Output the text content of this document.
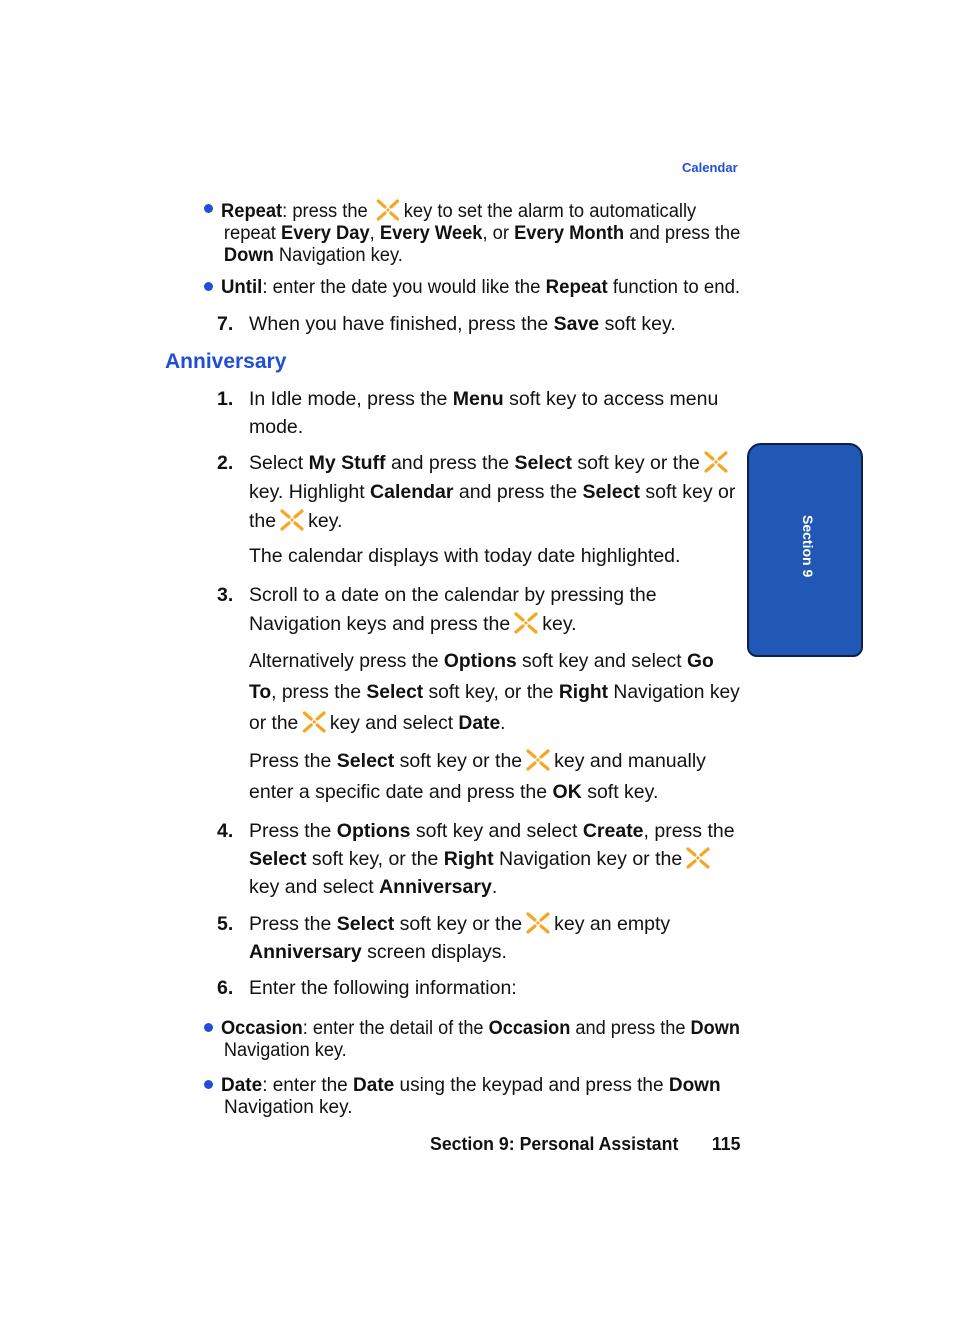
Calendar
Section 9
Repeat: press the key to set the alarm to automatically
repeat Every Day, Every Week, or Every Month and press the
Down Navigation key.
Until: enter the date you would like the Repeat function to end.
7. When you have finished, press the Save soft key.
Anniversary
1. In Idle mode, press the Menu soft key to access menu
mode.
2. Select My Stuff and press the Select soft key or the

key. Highlight Calendar and press the Select soft key or
the key.
The calendar displays with today date highlighted.
3. Scroll to a date on the calendar by pressing the
Navigation keys and press the key.
Alternatively press the Options soft key and select Go
To, press the Select soft key, or the Right Navigation key
or the key and select Date.
Press the Select soft key or the key and manually
enter a specific date and press the OK soft key.
4. Press the Options soft key and select Create, press the
Select soft key, or the Right Navigation key or the

key and select Anniversary.
5. Press the Select soft key or the key an empty
Anniversary screen displays.
6. Enter the following information:
Occasion: enter the detail of the Occasion and press the Down
Navigation key.
Date: enter the Date using the keypad and press the Down
Navigation key.
Section 9: Personal Assistant 115
